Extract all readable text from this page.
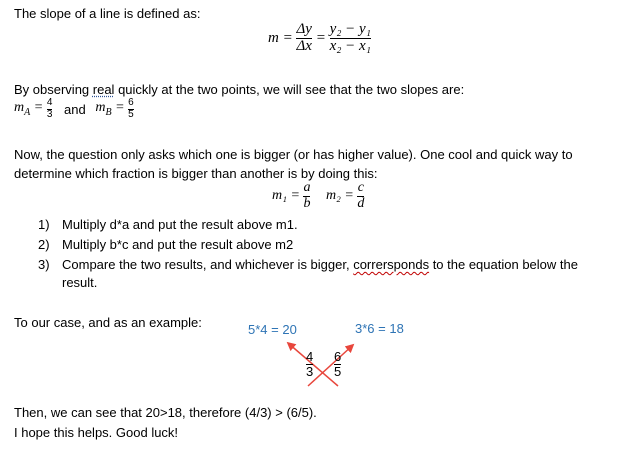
The slope of a line is defined as:
$m = \frac{\Delta y}{\Delta x} = \frac{\text{y₂ − y₁}}{\text{x₂ − x₁}}$
By observing real quickly at the two points, we will see that the two slopes are:
$m_A = \frac{4}{3}$ and $m_B = \frac{6}{5}$
Now, the question only asks which one is bigger (or has higher value). One cool and quick way to
determine which fraction is bigger than another is by doing this:
$m_1 = \frac{a}{b} m_2 = \frac{c}{d}$
1) Multiply d*a and put the result above m1.
2) Multiply b*c and put the result above m2
3) Compare the two results, and whichever is bigger, corrersponds to the equation below the
result.
To our case, and as an example:	5*4 = 20	3*6 = 18
$\frac{4}{3} \frac{6}{5}$
Then, we can see that 20>18, therefore (4/3) > (6/5).
I hope this helps. Good luck!
